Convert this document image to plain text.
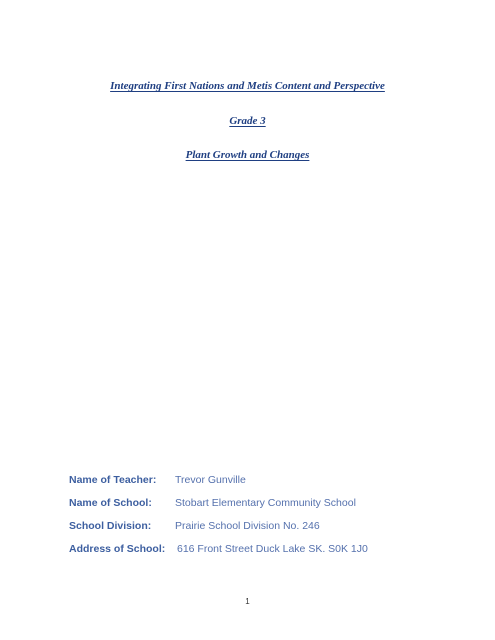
Integrating First Nations and Metis Content and Perspective
Grade 3
Plant Growth and Changes
Name of Teacher: Trevor Gunville
Name of School: Stobart Elementary Community School
School Division: Prairie School Division No. 246
Address of School: 616 Front Street Duck Lake SK. S0K 1J0
1
